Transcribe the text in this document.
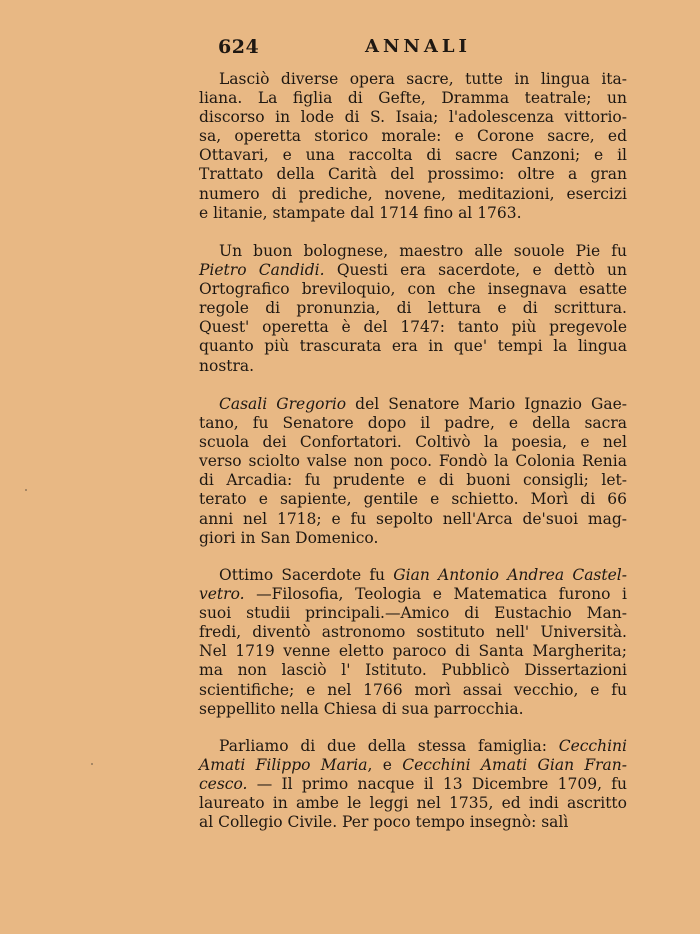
624	ANNALI
Lasciò diverse opera sacre, tutte in lingua ita-
liana. La figlia di Gefte, Dramma teatrale; un
discorso in lode di S. Isaia; l'adolescenza vittorio-
sa, operetta storico morale: e Corone sacre, ed
Ottavari, e una raccolta di sacre Canzoni; e il
Trattato della Carità del prossimo: oltre a gran
numero di prediche, novene, meditazioni, esercizi
e litanie, stampate dal 1714 fino al 1763.
Un buon bolognese, maestro alle souole Pie fu
Pietro Candidi. Questi era sacerdote, e dettò un
Ortografico breviloquio, con che insegnava esatte
regole di pronunzia, di lettura e di scrittura.
Quest' operetta è del 1747: tanto più pregevole
quanto più trascurata era in que' tempi la lingua
nostra.
Casali Gregorio del Senatore Mario Ignazio Gae-
tano, fu Senatore dopo il padre, e della sacra
scuola dei Confortatori. Coltivò la poesia, e nel
verso sciolto valse non poco. Fondò la Colonia Renia
di Arcadia: fu prudente e di buoni consigli; let-
terato e sapiente, gentile e schietto. Morì di 66
anni nel 1718; e fu sepolto nell'Arca de'suoi mag-
giori in San Domenico.
Ottimo Sacerdote fu Gian Antonio Andrea Castel-
vetro. —Filosofia, Teologia e Matematica furono i
suoi studii principali.—Amico di Eustachio Man-
fredi, diventò astronomo sostituto nell' Università.
Nel 1719 venne eletto paroco di Santa Margherita;
ma non lasciò l' Istituto. Pubblicò Dissertazioni
scientifiche; e nel 1766 morì assai vecchio, e fu
seppellito nella Chiesa di sua parrocchia.
Parliamo di due della stessa famiglia: Cecchini
Amati Filippo Maria, e Cecchini Amati Gian Fran-
cesco. — Il primo nacque il 13 Dicembre 1709, fu
laureato in ambe le leggi nel 1735, ed indi ascritto
al Collegio Civile. Per poco tempo insegnò: salì
